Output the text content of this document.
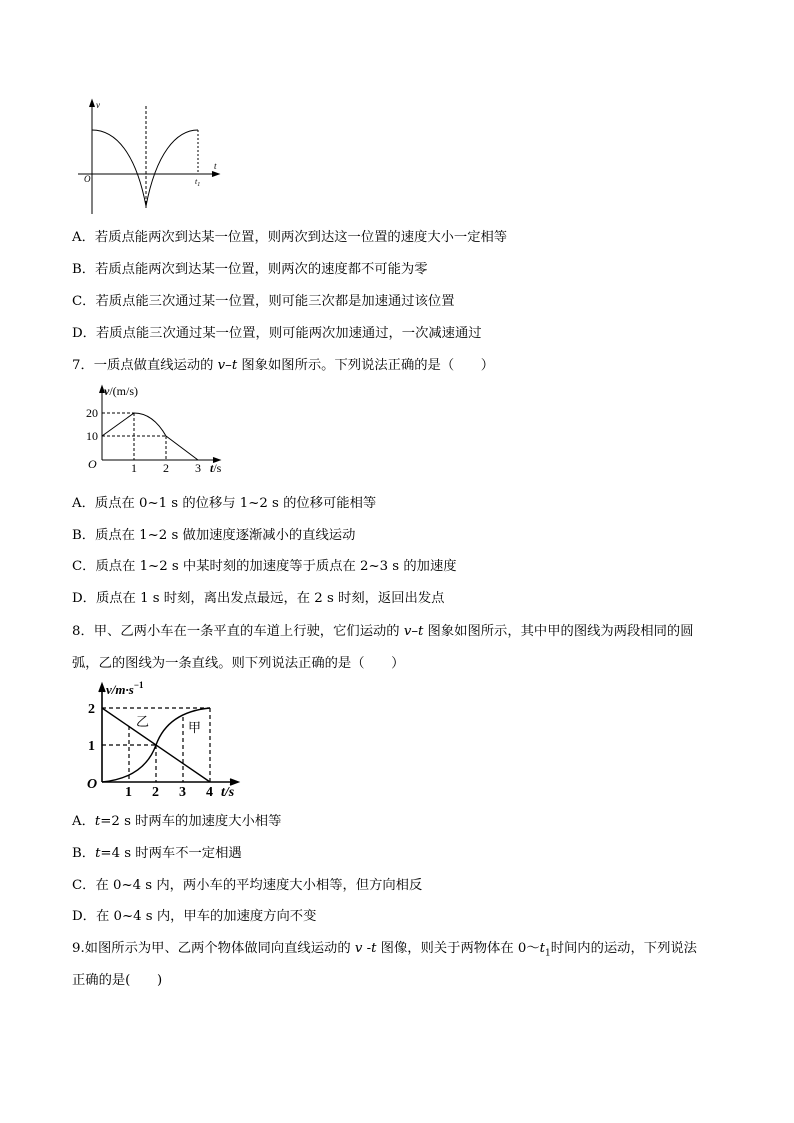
v
t
O	$t_1$
A．若质点能两次到达某一位置，则两次到达这一位置的速度大小一定相等
B．若质点能两次到达某一位置，则两次的速度都不可能为零
C．若质点能三次通过某一位置，则可能三次都是加速通过该位置
D．若质点能三次通过某一位置，则可能两次加速通过，一次减速通过
7．一质点做直线运动的 v–t 图象如图所示。下列说法正确的是（　　）
v/(m/s)
20
10
O	1 2 3 t/s
A．质点在 0~1 s 的位移与 1~2 s 的位移可能相等
B．质点在 1~2 s 做加速度逐渐减小的直线运动
C．质点在 1~2 s 中某时刻的加速度等于质点在 2~3 s 的加速度
D．质点在 1 s 时刻，离出发点最远，在 2 s 时刻，返回出发点
8．甲、乙两小车在一条平直的车道上行驶，它们运动的 v–t 图象如图所示，其中甲的图线为两段相同的圆
弧，乙的图线为一条直线。则下列说法正确的是（　　）
$v/m\cdot s^{-1}$
2
1
O
1 2 3 4 t/s
乙	甲
A．t=2 s 时两车的加速度大小相等
B．t=4 s 时两车不一定相遇
C．在 0~4 s 内，两小车的平均速度大小相等，但方向相反
D．在 0~4 s 内，甲车的加速度方向不变
9.如图所示为甲、乙两个物体做同向直线运动的 v -t 图像，则关于两物体在 $0\sim t_1$时间内的运动，下列说法
正确的是(　　)
